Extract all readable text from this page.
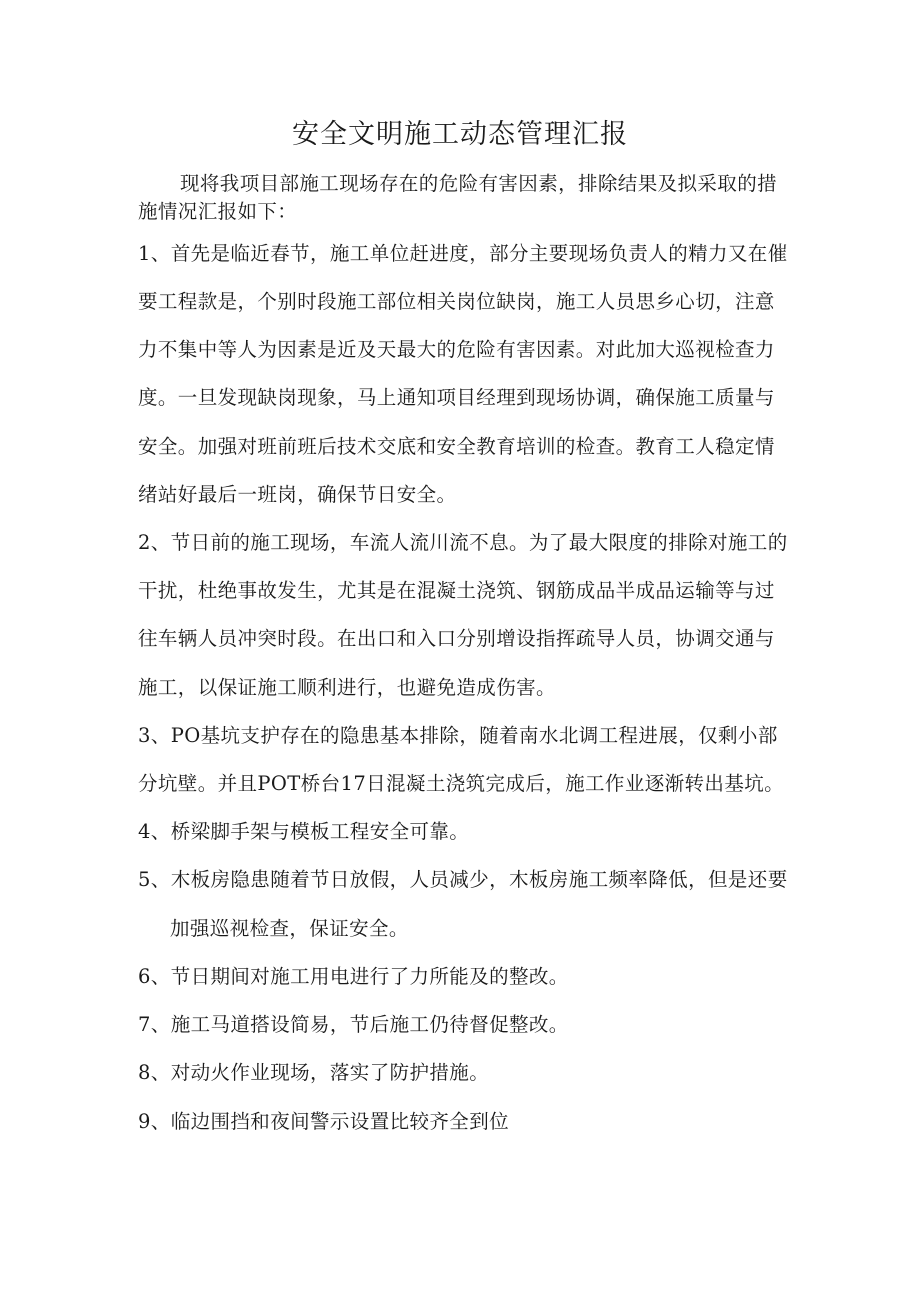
安全文明施工动态管理汇报

现将我项目部施工现场存在的危险有害因素，排除结果及拟采取的措

施情况汇报如下：

1、首先是临近春节，施工单位赶进度，部分主要现场负责人的精力又在催

要工程款是，个别时段施工部位相关岗位缺岗，施工人员思乡心切，注意

力不集中等人为因素是近及天最大的危险有害因素。对此加大巡视检查力

度。一旦发现缺岗现象，马上通知项目经理到现场协调，确保施工质量与

安全。加强对班前班后技术交底和安全教育培训的检查。教育工人稳定情

绪站好最后一班岗，确保节日安全。

2、节日前的施工现场，车流人流川流不息。为了最大限度的排除对施工的

干扰，杜绝事故发生，尤其是在混凝土浇筑、钢筋成品半成品运输等与过

往车辆人员冲突时段。在出口和入口分别增设指挥疏导人员，协调交通与

施工，以保证施工顺利进行，也避免造成伤害。

3、PO基坑支护存在的隐患基本排除，随着南水北调工程进展，仅剩小部

分坑壁。并且POT桥台17日混凝土浇筑完成后，施工作业逐渐转出基坑。

4、桥梁脚手架与模板工程安全可靠。

5、木板房隐患随着节日放假，人员减少，木板房施工频率降低，但是还要

加强巡视检查，保证安全。

6、节日期间对施工用电进行了力所能及的整改。

7、施工马道搭设简易，节后施工仍待督促整改。

8、对动火作业现场，落实了防护措施。

9、临边围挡和夜间警示设置比较齐全到位
